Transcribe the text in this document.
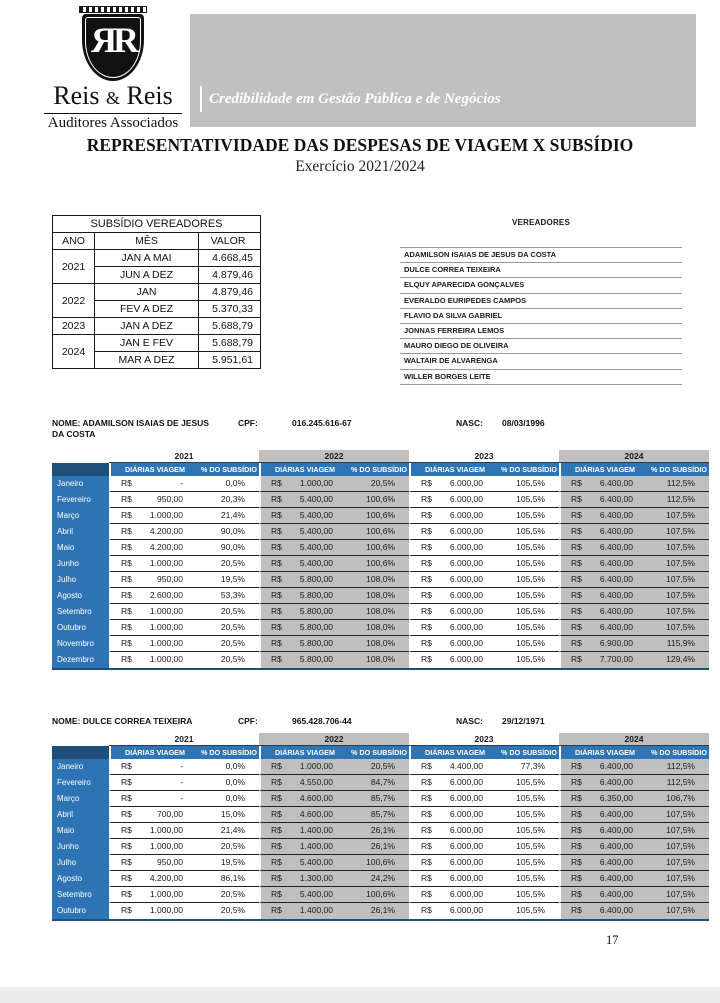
ЯR
Reis & Reis
Auditores Associados
Credibilidade em Gestão Pública e de Negócios
REPRESENTATIVIDADE DAS DESPESAS DE VIAGEM X SUBSÍDIO
Exercício 2021/2024
SUBSÍDIO VEREADORES		
ANO	MÊS	VALOR
2021	JAN A MAI	4.668,45
	JUN A DEZ	4.879,46
2022	JAN	4.879,46
	FEV A DEZ	5.370,33
2023	JAN A DEZ	5.688,79
2024	JAN E FEV	5.688,79
	MAR A DEZ	5.951,61
VEREADORES
ADAMILSON ISAIAS DE JESUS DA COSTA
DULCE CORREA TEIXEIRA
ELQUY APARECIDA GONÇALVES
EVERALDO EURIPEDES CAMPOS
FLAVIO DA SILVA GABRIEL
JONNAS FERREIRA LEMOS
MAURO DIEGO DE OLIVEIRA
WALTAIR DE ALVARENGA
WILLER BORGES LEITE
NOME: ADAMILSON ISAIAS DE JESUS DA COSTA
CPF:	016.245.616-67	NASC:	08/03/1996
2021	2022	2023	2024
DIÁRIAS VIAGEM	% DO SUBSÍDIO	DIÁRIAS VIAGEM	% DO SUBSÍDIO	DIÁRIAS VIAGEM	% DO SUBSÍDIO	DIÁRIAS VIAGEM	% DO SUBSÍDIO
Janeiro	R$	-	0,0%	R$ 1.000,00	20,5%	R$ 6.000,00	105,5%	R$ 6.400,00	112,5%
Fevereiro	R$	950,00	20,3%	R$ 5.400,00	100,6%	R$ 6.000,00	105,5%	R$ 6.400,00	112,5%
Março	R$ 1.000,00	21,4%	R$ 5.400,00	100,6%	R$ 6.000,00	105,5%	R$ 6.400,00	107,5%
Abril	R$ 4.200,00	90,0%	R$ 5.400,00	100,6%	R$ 6.000,00	105,5%	R$ 6.400,00	107,5%
Maio	R$ 4.200,00	90,0%	R$ 5.400,00	100,6%	R$ 6.000,00	105,5%	R$ 6.400,00	107,5%
Junho	R$ 1.000,00	20,5%	R$ 5.400,00	100,6%	R$ 6.000,00	105,5%	R$ 6.400,00	107,5%
Julho	R$	950,00	19,5%	R$ 5.800,00	108,0%	R$ 6.000,00	105,5%	R$ 6.400,00	107,5%
Agosto	R$ 2.600,00	53,3%	R$ 5.800,00	108,0%	R$ 6.000,00	105,5%	R$ 6.400,00	107,5%
Setembro	R$ 1.000,00	20,5%	R$ 5.800,00	108,0%	R$ 6.000,00	105,5%	R$ 6.400,00	107,5%
Outubro	R$ 1.000,00	20,5%	R$ 5.800,00	108,0%	R$ 6.000,00	105,5%	R$ 6.400,00	107,5%
Novembro	R$ 1.000,00	20,5%	R$ 5.800,00	108,0%	R$ 6.000,00	105,5%	R$ 6.900,00	115,9%
Dezembro	R$ 1.000,00	20,5%	R$ 5.800,00	108,0%	R$ 6.000,00	105,5%	R$ 7.700,00	129,4%
NOME: DULCE CORREA TEIXEIRA	CPF:	965.428.706-44	NASC:	29/12/1971
2021	2022	2023	2024
DIÁRIAS VIAGEM	% DO SUBSÍDIO	DIÁRIAS VIAGEM	% DO SUBSÍDIO	DIÁRIAS VIAGEM	% DO SUBSÍDIO	DIÁRIAS VIAGEM	% DO SUBSÍDIO
Janeiro	R$	-	0,0%	R$ 1.000,00	20,5%	R$ 4.400,00	77,3%	R$ 6.400,00	112,5%
Fevereiro	R$	-	0,0%	R$ 4.550,00	84,7%	R$ 6.000,00	105,5%	R$ 6.400,00	112,5%
Março	R$	-	0,0%	R$ 4.600,00	85,7%	R$ 6.000,00	105,5%	R$ 6.350,00	106,7%
Abril	R$	700,00	15,0%	R$ 4.600,00	85,7%	R$ 6.000,00	105,5%	R$ 6.400,00	107,5%
Maio	R$ 1.000,00	21,4%	R$ 1.400,00	26,1%	R$ 6.000,00	105,5%	R$ 6.400,00	107,5%
Junho	R$ 1.000,00	20,5%	R$ 1.400,00	26,1%	R$ 6.000,00	105,5%	R$ 6.400,00	107,5%
Julho	R$	950,00	19,5%	R$ 5.400,00	100,6%	R$ 6.000,00	105,5%	R$ 6.400,00	107,5%
Agosto	R$ 4.200,00	86,1%	R$ 1.300,00	24,2%	R$ 6.000,00	105,5%	R$ 6.400,00	107,5%
Setembro	R$ 1.000,00	20,5%	R$ 5.400,00	100,6%	R$ 6.000,00	105,5%	R$ 6.400,00	107,5%
Outubro	R$ 1.000,00	20,5%	R$ 1.400,00	26,1%	R$ 6.000,00	105,5%	R$ 6.400,00	107,5%
17
